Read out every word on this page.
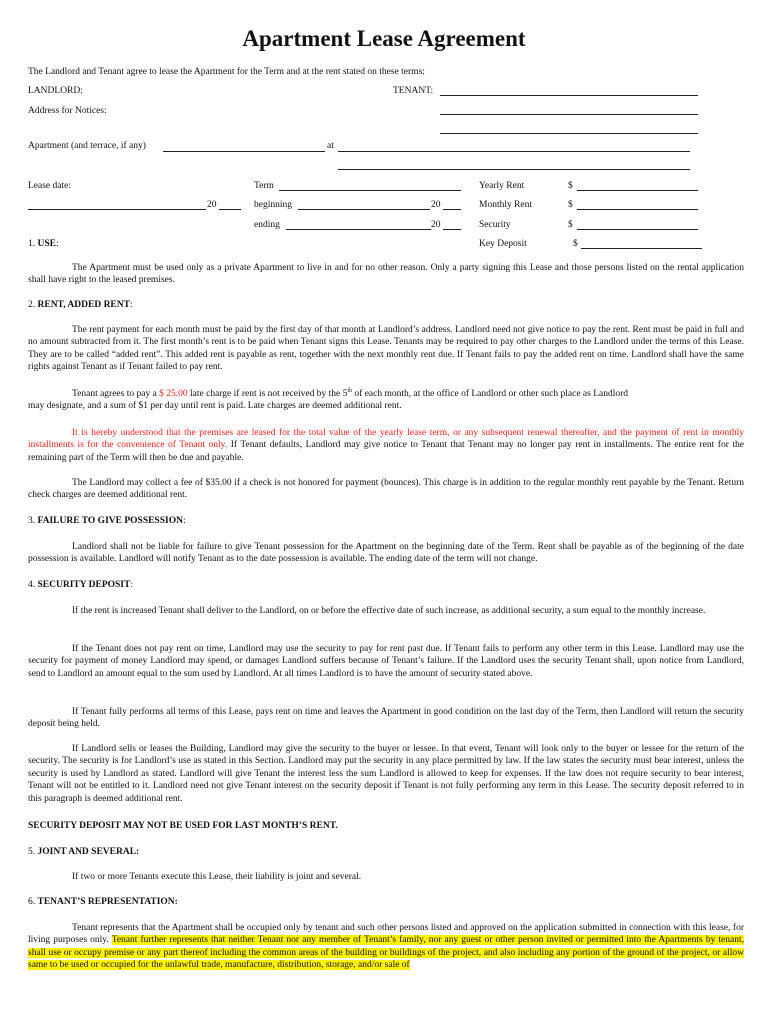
Apartment Lease Agreement
The Landlord and Tenant agree to lease the Apartment for the Term and at the rent stated on these terms:
LANDLORD:	TENANT:
Address for Notices:
Apartment (and terrace, if any)	at
Lease date:	Term	Yearly Rent	$
20	beginning	20	Monthly Rent	$
ending	20	Security	$
1. USE:	Key Deposit	$
The Apartment must be used only as a private Apartment to live in and for no other reason. Only a party signing this Lease and those persons listed on the rental application shall have right to the leased premises.
2. RENT, ADDED RENT:
The rent payment for each month must be paid by the first day of that month at Landlord’s address. Landlord need not give notice to pay the rent. Rent must be paid in full and no amount subtracted from it. The first month’s rent is to be paid when Tenant signs this Lease. Tenants may be required to pay other charges to the Landlord under the terms of this Lease. They are to be called “added rent”. This added rent is payable as rent, together with the next monthly rent due. If Tenant fails to pay the added rent on time. Landlord shall have the same rights against Tenant as if Tenant failed to pay rent.
Tenant agrees to pay a $ 25.00 late charge if rent is not received by the 5th of each month, at the office of Landlord or other such place as Landlord
may designate, and a sum of $1 per day until rent is paid. Late charges are deemed additional rent.
It is hereby understood that the premises are leased for the total value of the yearly lease term, or any subsequent renewal thereafter, and the payment of rent in monthly installments is for the convenience of Tenant only. If Tenant defaults, Landlord may give notice to Tenant that Tenant may no longer pay rent in installments. The entire rent for the remaining part of the Term will then be due and payable.
The Landlord may collect a fee of $35.00 if a check is not honored for payment (bounces). This charge is in addition to the regular monthly rent payable by the Tenant. Return check charges are deemed additional rent.
3. FAILURE TO GIVE POSSESSION:
Landlord shall not be liable for failure to give Tenant possession for the Apartment on the beginning date of the Term. Rent shall be payable as of the beginning of the date possession is available. Landlord will notify Tenant as to the date possession is available. The ending date of the term will not change.
4. SECURITY DEPOSIT:
If the rent is increased Tenant shall deliver to the Landlord, on or before the effective date of such increase, as additional security, a sum equal to the monthly increase.
If the Tenant does not pay rent on time, Landlord may use the security to pay for rent past due. If Tenant fails to perform any other term in this Lease. Landlord may use the security for payment of money Landlord may spend, or damages Landlord suffers because of Tenant’s failure. If the Landlord uses the security Tenant shall, upon notice from Landlord, send to Landlord an amount equal to the sum used by Landlord. At all times Landlord is to have the amount of security stated above.
If Tenant fully performs all terms of this Lease, pays rent on time and leaves the Apartment in good condition on the last day of the Term, then Landlord will return the security deposit being held.
If Landlord sells or leases the Building, Landlord may give the security to the buyer or lessee. In that event, Tenant will look only to the buyer or lessee for the return of the security. The security is for Landlord’s use as stated in this Section. Landlord may put the security in any place permitted by law. If the law states the security must bear interest, unless the security is used by Landlord as stated. Landlord will give Tenant the interest less the sum Landlord is allowed to keep for expenses. If the law does not require security to bear interest, Tenant will not be entitled to it. Landlord need not give Tenant interest on the security deposit if Tenant is not fully performing any term in this Lease. The security deposit referred to in this paragraph is deemed additional rent.
SECURITY DEPOSIT MAY NOT BE USED FOR LAST MONTH’S RENT.
5. JOINT AND SEVERAL:
If two or more Tenants execute this Lease, their liability is joint and several.
6. TENANT’S REPRESENTATION:
Tenant represents that the Apartment shall be occupied only by tenant and such other persons listed and approved on the application submitted in connection with this lease, for living purposes only. Tenant further represents that neither Tenant nor any member of Tenant’s family, nor any guest or other person invited or permitted into the Apartments by tenant, shall use or occupy premise or any part thereof including the common areas of the building or buildings of the project, and also including any portion of the ground of the project, or allow same to be used or occupied for the unlawful trade, manufacture, distribution, storage, and/or sale of
